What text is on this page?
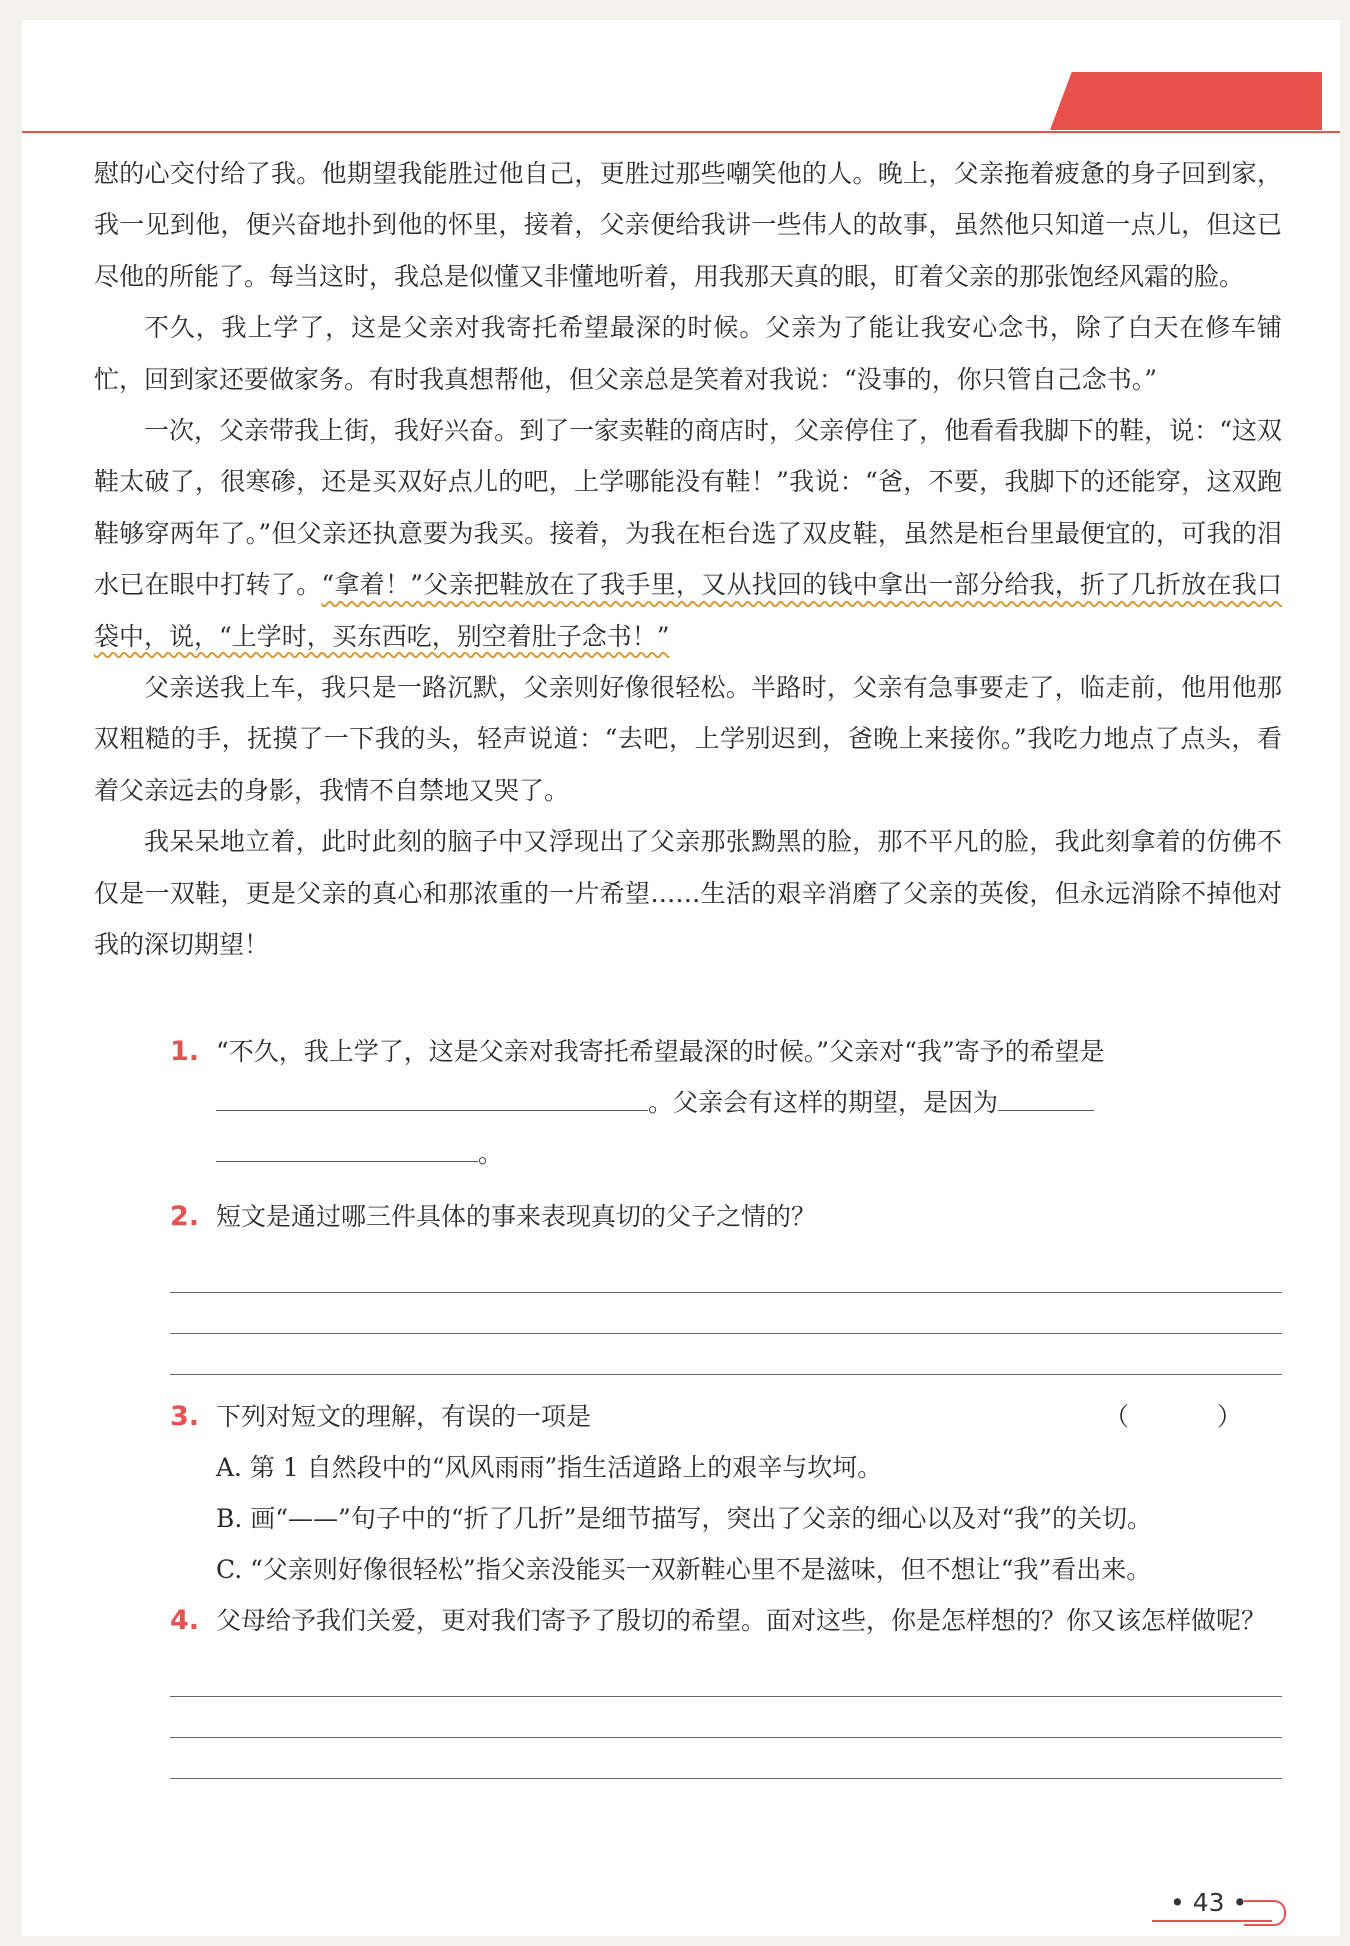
第三单元

慰的心交付给了我。他期望我能胜过他自己，更胜过那些嘲笑他的人。晚上，父亲拖着疲惫的身子回到家，我一见到他，便兴奋地扑到他的怀里，接着，父亲便给我讲一些伟人的故事，虽然他只知道一点儿，但这已尽他的所能了。每当这时，我总是似懂又非懂地听着，用我那天真的眼，盯着父亲的那张饱经风霜的脸。

不久，我上学了，这是父亲对我寄托希望最深的时候。父亲为了能让我安心念书，除了白天在修车铺忙，回到家还要做家务。有时我真想帮他，但父亲总是笑着对我说：“没事的，你只管自己念书。”

一次，父亲带我上街，我好兴奋。到了一家卖鞋的商店时，父亲停住了，他看看我脚下的鞋，说：“这双鞋太破了，很寒碜，还是买双好点儿的吧，上学哪能没有鞋！”我说：“爸，不要，我脚下的还能穿，这双跑鞋够穿两年了。”但父亲还执意要为我买。接着，为我在柜台选了双皮鞋，虽然是柜台里最便宜的，可我的泪水已在眼中打转了。“拿着！”父亲把鞋放在了我手里，又从找回的钱中拿出一部分给我，折了几折放在我口袋中，说，“上学时，买东西吃，别空着肚子念书！”

父亲送我上车，我只是一路沉默，父亲则好像很轻松。半路时，父亲有急事要走了，临走前，他用他那双粗糙的手，抚摸了一下我的头，轻声说道：“去吧，上学别迟到，爸晚上来接你。”我吃力地点了点头，看着父亲远去的身影，我情不自禁地又哭了。

我呆呆地立着，此时此刻的脑子中又浮现出了父亲那张黝黑的脸，那不平凡的脸，我此刻拿着的仿佛不仅是一双鞋，更是父亲的真心和那浓重的一片希望……生活的艰辛消磨了父亲的英俊，但永远消除不掉他对我的深切期望！

1. “不久，我上学了，这是父亲对我寄托希望最深的时候。”父亲对“我”寄予的希望是
。父亲会有这样的期望，是因为
。
2. 短文是通过哪三件具体的事来表现真切的父子之情的？
3. 下列对短文的理解，有误的一项是	（ ）
A. 第 1 自然段中的“风风雨雨”指生活道路上的艰辛与坎坷。
B. 画“——”句子中的“折了几折”是细节描写，突出了父亲的细心以及对“我”的关切。
C. “父亲则好像很轻松”指父亲没能买一双新鞋心里不是滋味，但不想让“我”看出来。
4. 父母给予我们关爱，更对我们寄予了殷切的希望。面对这些，你是怎样想的？你又该怎样做呢？
• 43 •
